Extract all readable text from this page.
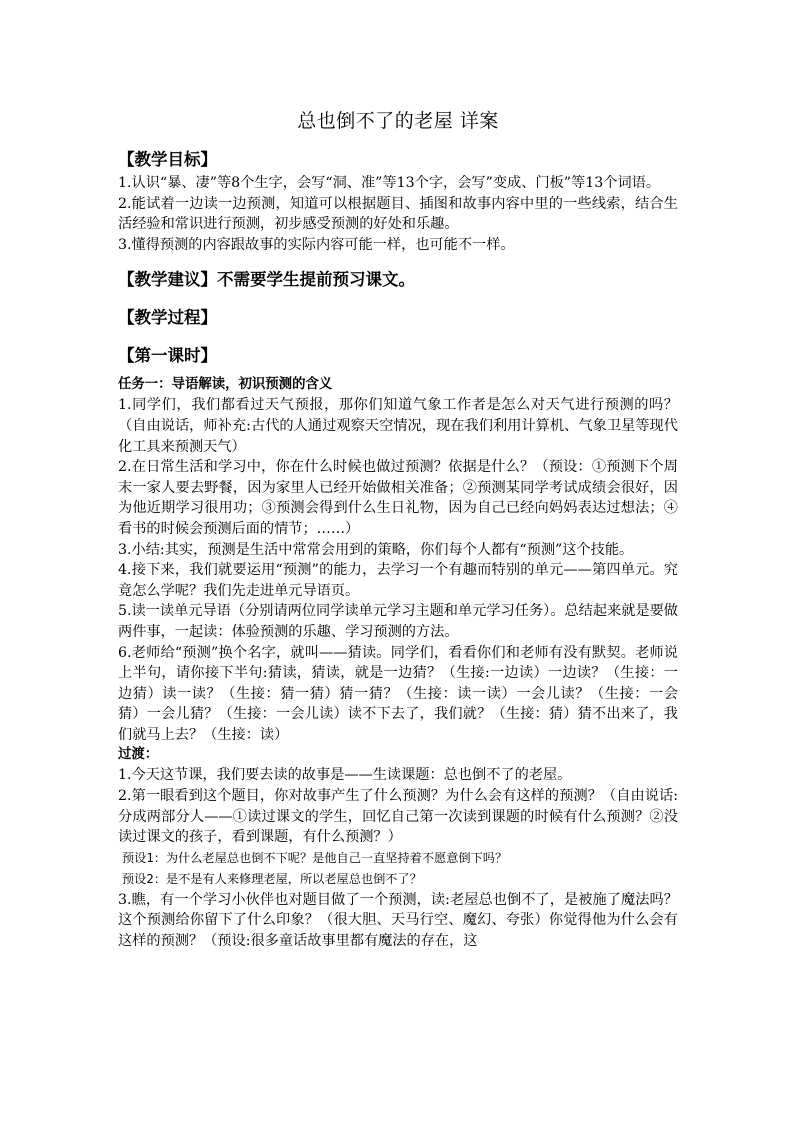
总也倒不了的老屋 详案

【教学目标】

1.认识“暴、凄”等8个生字，会写“洞、准”等13个字，会写”变成、门板”等13个词语。

2.能试着一边读一边预测，知道可以根据题目、插图和故事内容中里的一些线索，结合生活经验和常识进行预测，初步感受预测的好处和乐趣。

3.懂得预测的内容跟故事的实际内容可能一样，也可能不一样。

【教学建议】不需要学生提前预习课文。

【教学过程】

【第一课时】

任务一：导语解读，初识预测的含义

1.同学们，我们都看过天气预报，那你们知道气象工作者是怎么对天气进行预测的吗？（自由说话，师补充:古代的人通过观察天空情况，现在我们利用计算机、气象卫星等现代化工具来预测天气）

2.在日常生活和学习中，你在什么时候也做过预测？依据是什么？（预设：①预测下个周末一家人要去野餐，因为家里人已经开始做相关准备；②预测某同学考试成绩会很好，因为他近期学习很用功；③预测会得到什么生日礼物，因为自己已经向妈妈表达过想法；④看书的时候会预测后面的情节；……）

3.小结:其实，预测是生活中常常会用到的策略，你们每个人都有“预测”这个技能。

4.接下来，我们就要运用“预测”的能力，去学习一个有趣而特别的单元——第四单元。究竟怎么学呢？我们先走进单元导语页。

5.读一读单元导语（分别请两位同学读单元学习主题和单元学习任务）。总结起来就是要做两件事，一起读：体验预测的乐趣、学习预测的方法。

6.老师给“预测”换个名字，就叫——猜读。同学们，看看你们和老师有没有默契。老师说上半句，请你接下半句:猜读，猜读，就是一边猜？（生接:一边读）一边读？（生接：一边猜）读一读？（生接：猜一猜）猜一猜？（生接：读一读）一会儿读？（生接：一会猜）一会儿猜？（生接：一会儿读）读不下去了，我们就？（生接：猜）猜不出来了，我们就马上去？（生接：读）

过渡：

1.今天这节课，我们要去读的故事是——生读课题：总也倒不了的老屋。

2.第一眼看到这个题目，你对故事产生了什么预测？为什么会有这样的预测？（自由说话:分成两部分人——①读过课文的学生，回忆自己第一次读到课题的时候有什么预测？②没读过课文的孩子，看到课题，有什么预测？）

预设1：为什么老屋总也倒不下呢？是他自己一直坚持着不愿意倒下吗？

预设2：是不是有人来修理老屋，所以老屋总也倒不了？

3.瞧，有一个学习小伙伴也对题目做了一个预测，读:老屋总也倒不了，是被施了魔法吗？这个预测给你留下了什么印象？（很大胆、天马行空、魔幻、夸张）你觉得他为什么会有这样的预测？（预设:很多童话故事里都有魔法的存在，这
